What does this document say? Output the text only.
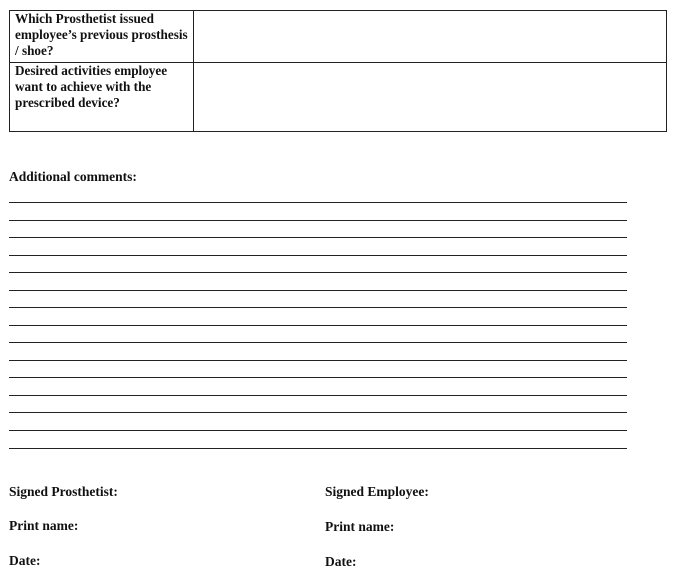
Which Prosthetist issued employee’s previous prosthesis / shoe?
Desired activities employee want to achieve with the prescribed device?
Additional comments:
Signed Prosthetist:
Print name:
Date:
Signed Employee:
Print name:
Date:
